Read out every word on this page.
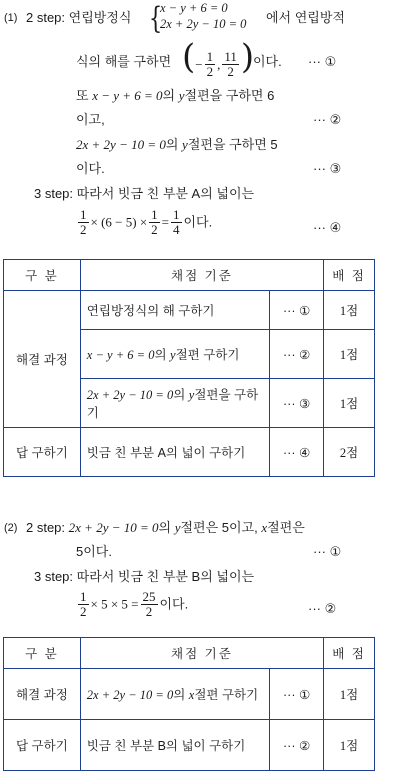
(1) 2 step: 연립방정식 {
x − y + 6 = 0
2x + 2y − 10 = 0 에서 연립방적
식의 해를 구하면 (− $\frac{1}{2}$ , $\frac{11}{2}$ )
이다. ··· ①
또 x − y + 6 = 0의 y절편을 구하면 6
이고,	··· ②
2x + 2y − 10 = 0의 y절편을 구하면 5
이다.	··· ③
3 step: 따라서 빗금 친 부분 A의 넓이는
$\frac{1}{2} \times (6 - 5) \times \frac{1}{2} = \frac{1}{4}$ 이다.	··· ④
구 분	채점 기준		배 점
해결 과정	연립방정식의 해 구하기	··· ①	1점
	x − y + 6 = 0의 y절편 구하기	··· ②	1점
	2x + 2y − 10 = 0의 y절편을 구하기	··· ③	1점
답 구하기	빗금 친 부분 A의 넓이 구하기	··· ④	2점
(2) 2 step: 2x + 2y − 10 = 0의 y절편은 5이고, x절편은
5이다.	··· ①
3 step: 따라서 빗금 친 부분 B의 넓이는
$\frac{1}{2} \times 5 \times 5 = \frac{25}{2}$ 이다.	··· ②
구 분	채점 기준		배 점
해결 과정	2x + 2y − 10 = 0의 x절편 구하기	··· ①	1점
답 구하기	빗금 친 부분 B의 넓이 구하기	··· ②	1점
